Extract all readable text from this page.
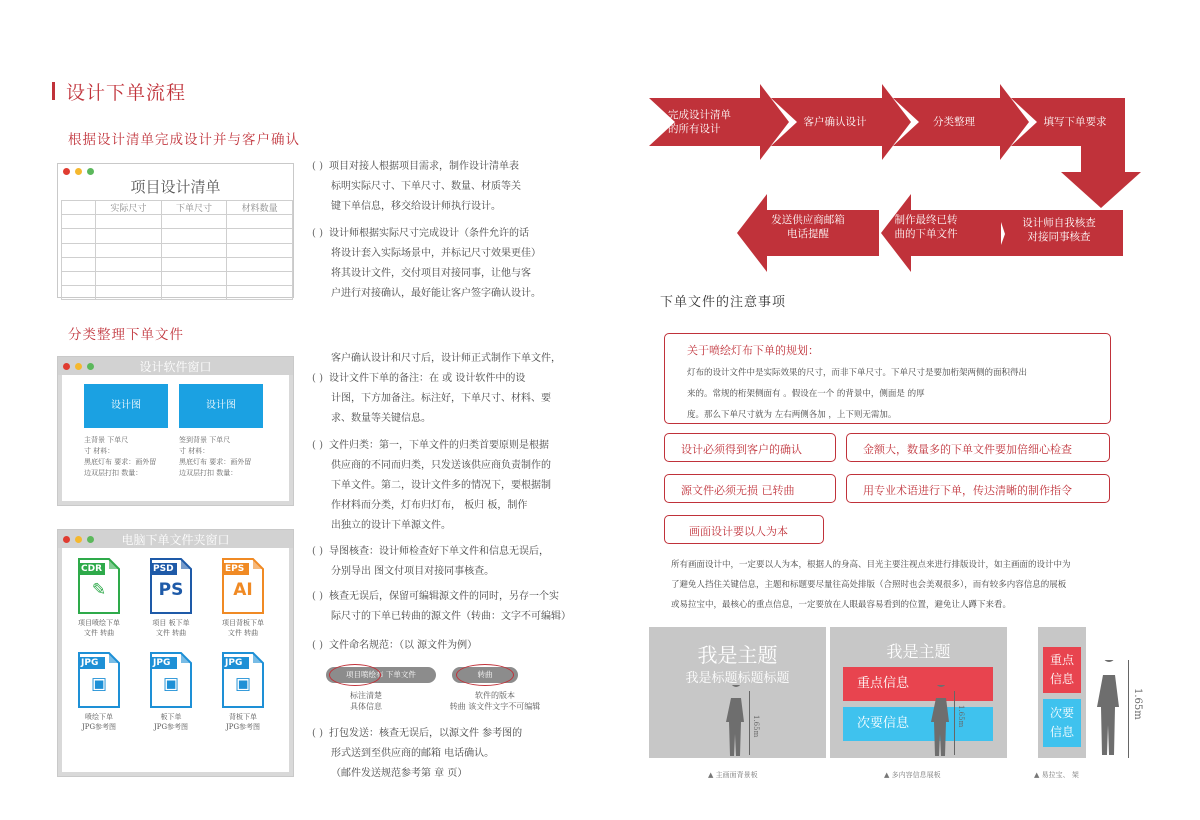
设计下单流程
根据设计清单完成设计并与客户确认
项目设计清单
	实际尺寸	下单尺寸	材料数量

( ) 项目对接人根据项目需求，制作设计清单表
标明实际尺寸、下单尺寸、数量、材质等关
键下单信息，移交给设计师执行设计。
( ) 设计师根据实际尺寸完成设计（条件允许的话
将设计套入实际场景中，并标记尺寸效果更佳）
将其设计文件，交付项目对接同事，让他与客
户进行对接确认，最好能让客户签字确认设计。
分类整理下单文件
设计软件窗口
设计图	设计图
主背景 下单尺
寸 材料：
黑底灯布 要求：画外留
边双层打扣 数量：
签到背景 下单尺
寸 材料：
黑底灯布 要求：画外留
边双层打扣 数量：
客户确认设计和尺寸后，设计师正式制作下单文件，
( ) 设计文件下单的备注：在 或 设计软件中的设
计图，下方加备注。标注好，下单尺寸、材料、要
求、数量等关键信息。
( ) 文件归类：第一，下单文件的归类首要原则是根据
供应商的不同而归类，只发送该供应商负责制作的
下单文件。第二，设计文件多的情况下，要根据制
作材料而分类，灯布归灯布， 板归 板，制作
出独立的设计下单源文件。
电脑下单文件夹窗口
CDR
✎
项目喷绘下单
文件 转曲
PSD
PS
项目 板下单
文件 转曲
EPS
AI
项目背板下单
文件 转曲
JPG
▣
喷绘下单
JPG参考图
JPG
▣
板下单
JPG参考图
JPG
▣
背板下单
JPG参考图
( ) 导图核查：设计师检查好下单文件和信息无误后，
分别导出 图文付项目对接同事核查。
( ) 核查无误后，保留可编辑源文件的同时，另存一个实
际尺寸的下单已转曲的源文件（转曲：文字不可编辑）
( ) 文件命名规范：（以 源文件为例）
项目喷绘布 下单文件	转曲
标注清楚
具体信息
软件的版本
转曲 该文件文字不可编辑
( ) 打包发送：核查无误后，以源文件 参考图的
形式送到至供应商的邮箱 电话确认。
（邮件发送规范参考第 章 页）
完成设计清单
的所有设计
客户确认设计	分类整理	填写下单要求
发送供应商邮箱
电话提醒
制作最终已转
曲的下单文件
设计师自我核查
对接同事核查
下单文件的注意事项
关于喷绘灯布下单的规划：
灯布的设计文件中是实际效果的尺寸，而非下单尺寸。下单尺寸是要加桁架两侧的面积得出
来的。常规的桁架侧面有 。假设在一个 的背景中，侧面是 的厚
度。那么下单尺寸就为 左右两侧各加 ，上下则无需加。
设计必须得到客户的确认	金额大，数量多的下单文件要加倍细心检查
源文件必须无损 已转曲	用专业术语进行下单，传达清晰的制作指令
画面设计要以人为本
所有画面设计中，一定要以人为本，根据人的身高、目光主要注视点来进行排版设计，如主画面的设计中为
了避免人挡住关键信息，主题和标题要尽量往高处排版（合照时也会美观很多），而有较多内容信息的展板
或易拉宝中，最核心的重点信息，一定要放在人眼最容易看到的位置，避免让人蹲下来看。
我是主题
我是标题标题标题
1.65m
▲ 主画面背景板
我是主题
重点信息
次要信息	1.65m
▲ 多内容信息展板
重点
信息
次要
信息
1.65m
▲ 易拉宝、 架
